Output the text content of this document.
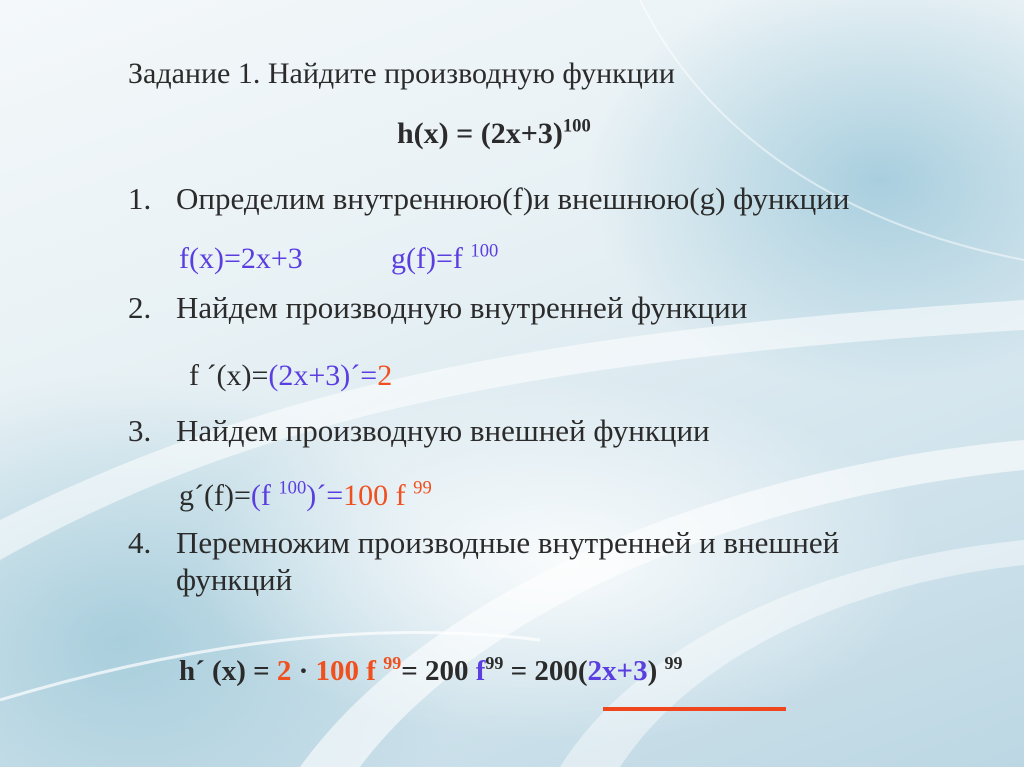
Задание 1. Найдите производную функции
$h(x) = (2x+3)^{100}$
1. Определим внутреннюю(f)и внешнюю(g) функции
f(x)=2x+3	g(f)=f $^{100}$
2. Найдем производную внутренней функции
f ´(x)=(2x+3)´=2
3. Найдем производную внешней функции
g´(f)=(f $^{100}$)´=100 f $^{99}$
4. Перемножим производные внутренней и внешней
функций
h´ (x) = 2 · 100 f $^{99}$= 200 $f^{99} = 200(2x+3)$ $^{99}$
